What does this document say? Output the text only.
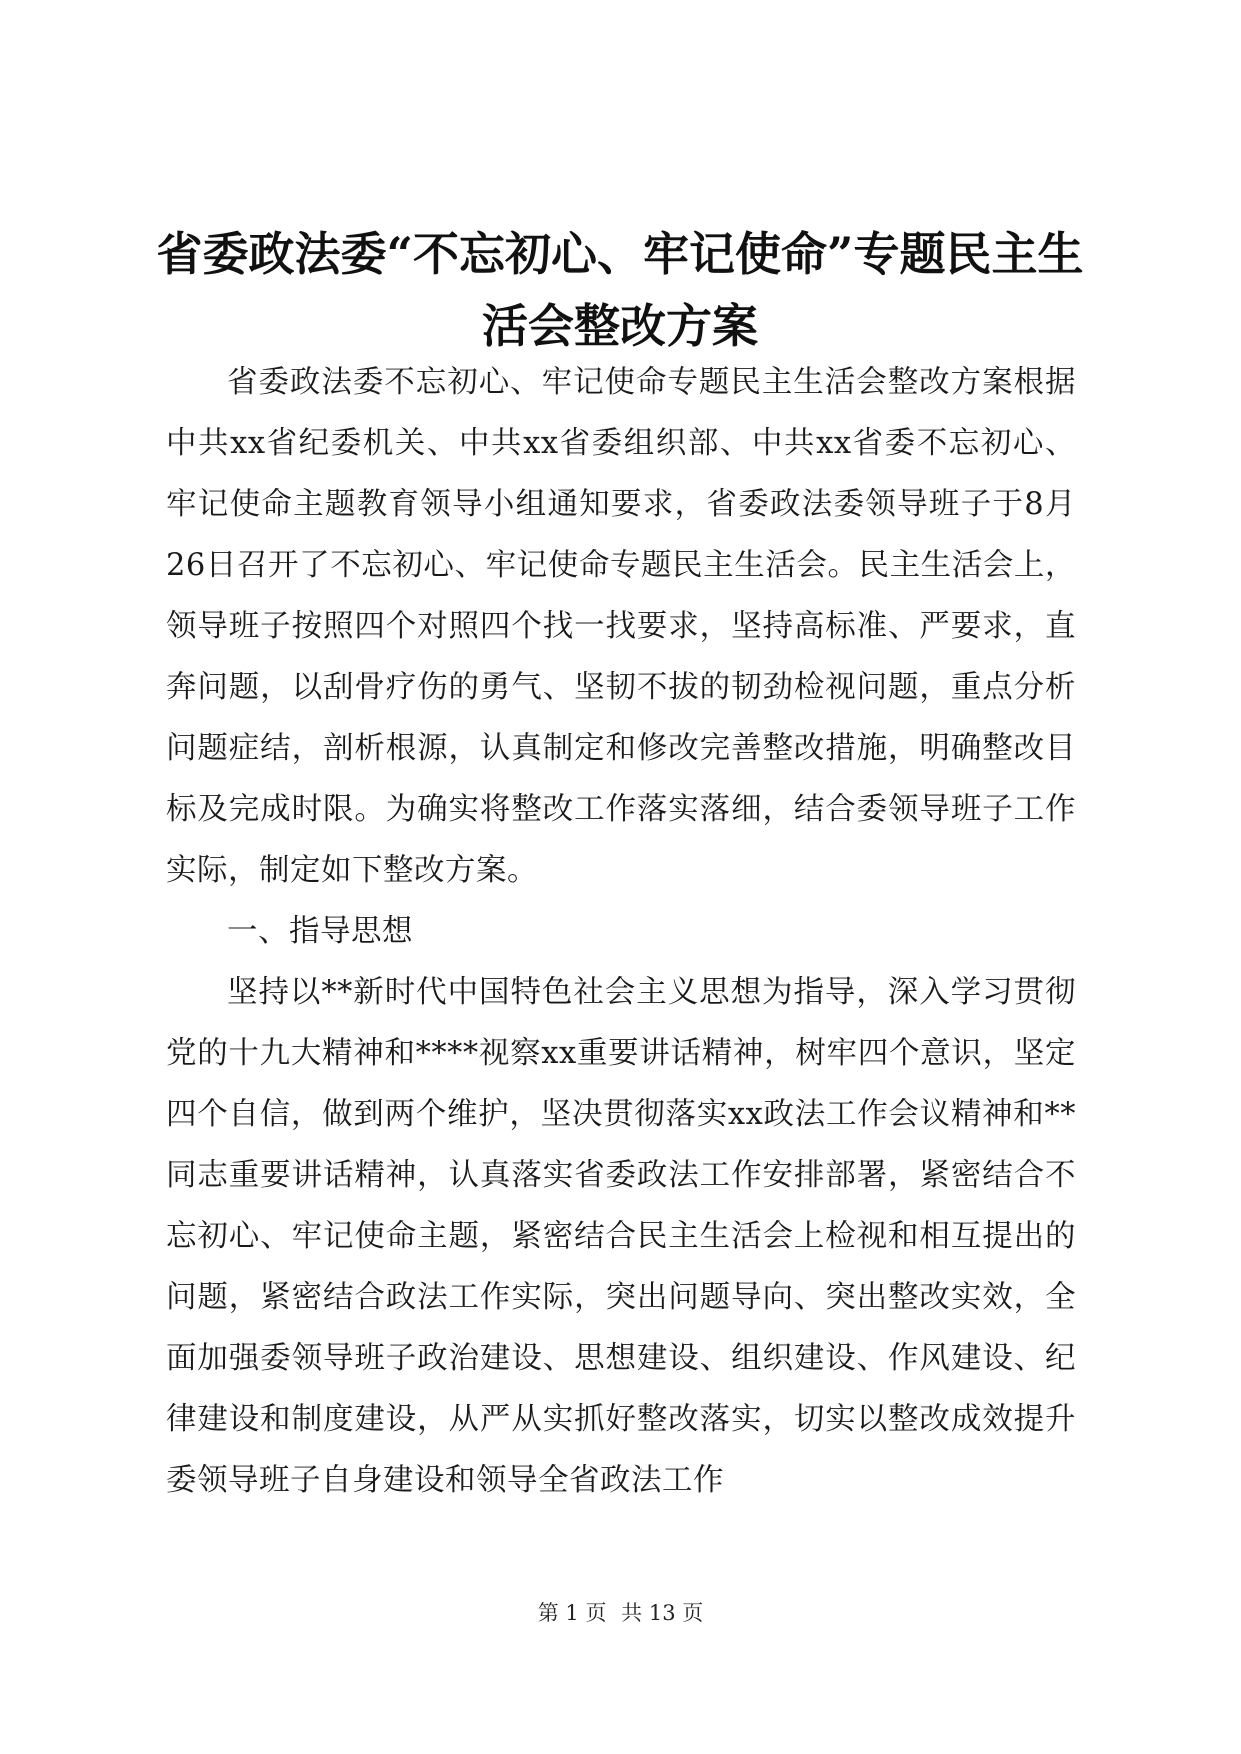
省委政法委“不忘初心、牢记使命”专题民主生活会整改方案

省委政法委不忘初心、牢记使命专题民主生活会整改方案根据中共xx省纪委机关、中共xx省委组织部、中共xx省委不忘初心、牢记使命主题教育领导小组通知要求，省委政法委领导班子于8月26日召开了不忘初心、牢记使命专题民主生活会。民主生活会上，领导班子按照四个对照四个找一找要求，坚持高标准、严要求，直奔问题，以刮骨疗伤的勇气、坚韧不拔的韧劲检视问题，重点分析问题症结，剖析根源，认真制定和修改完善整改措施，明确整改目标及完成时限。为确实将整改工作落实落细，结合委领导班子工作实际，制定如下整改方案。

一、指导思想

坚持以**新时代中国特色社会主义思想为指导，深入学习贯彻党的十九大精神和****视察xx重要讲话精神，树牢四个意识，坚定四个自信，做到两个维护，坚决贯彻落实xx政法工作会议精神和**同志重要讲话精神，认真落实省委政法工作安排部署，紧密结合不忘初心、牢记使命主题，紧密结合民主生活会上检视和相互提出的问题，紧密结合政法工作实际，突出问题导向、突出整改实效，全面加强委领导班子政治建设、思想建设、组织建设、作风建设、纪律建设和制度建设，从严从实抓好整改落实，切实以整改成效提升委领导班子自身建设和领导全省政法工作

第 1 页 共 13 页
